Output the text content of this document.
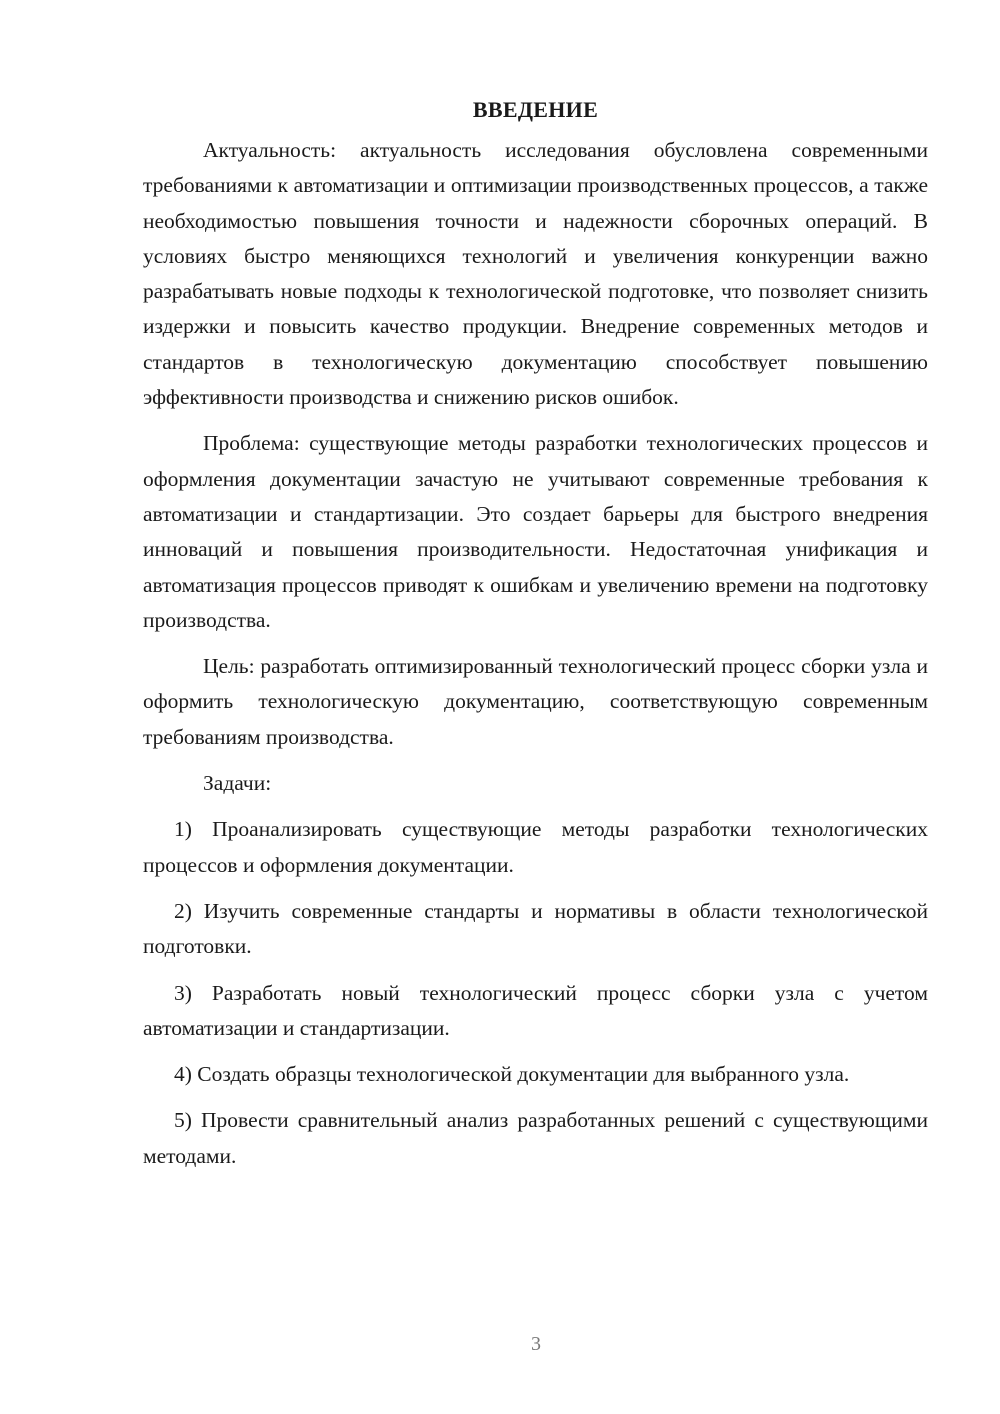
ВВЕДЕНИЕ

Актуальность: актуальность исследования обусловлена современными требованиями к автоматизации и оптимизации производственных процессов, а также необходимостью повышения точности и надежности сборочных операций. В условиях быстро меняющихся технологий и увеличения конкуренции важно разрабатывать новые подходы к технологической подготовке, что позволяет снизить издержки и повысить качество продукции. Внедрение современных методов и стандартов в технологическую документацию способствует повышению эффективности производства и снижению рисков ошибок.

Проблема: существующие методы разработки технологических процессов и оформления документации зачастую не учитывают современные требования к автоматизации и стандартизации. Это создает барьеры для быстрого внедрения инноваций и повышения производительности. Недостаточная унификация и автоматизация процессов приводят к ошибкам и увеличению времени на подготовку производства.

Цель: разработать оптимизированный технологический процесс сборки узла и оформить технологическую документацию, соответствующую современным требованиям производства.

Задачи:

1) Проанализировать существующие методы разработки технологических процессов и оформления документации.

2) Изучить современные стандарты и нормативы в области технологической подготовки.

3) Разработать новый технологический процесс сборки узла с учетом автоматизации и стандартизации.

4) Создать образцы технологической документации для выбранного узла.

5) Провести сравнительный анализ разработанных решений с существующими методами.

3
